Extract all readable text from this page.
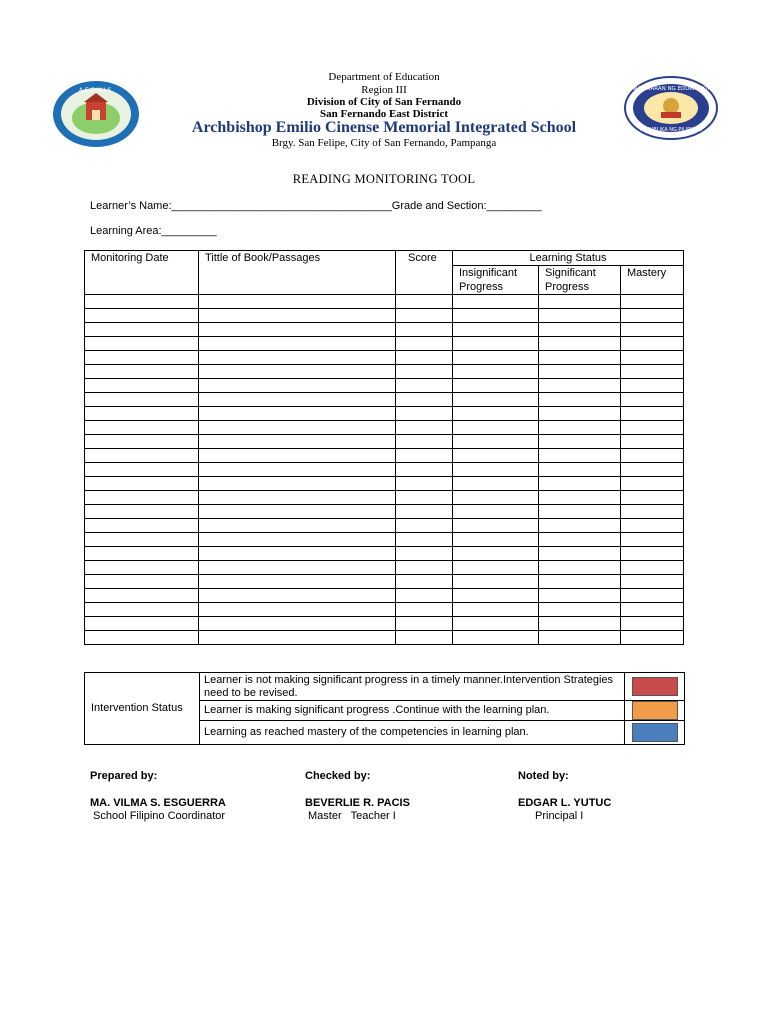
A.E.C.M.I.S.	KAGAWARAN NG EDUKASYON
REPUBLIKA NG PILIPINAS
Department of Education
Region III
Division of City of San Fernando
San Fernando East District
Archbishop Emilio Cinense Memorial Integrated School
Brgy. San Felipe, City of San Fernando, Pampanga
READING MONITORING TOOL
Learner’s Name:____________________________________Grade and Section:_________
Learning Area:_________
Monitoring Date	Tittle of Book/Passages	Score	Learning Status		
			Insignificant Progress	Significant Progress	Mastery

Intervention Status	Learner is not making significant progress in a timely manner.Intervention Strategies need to be revised.	
	Learner is making significant progress .Continue with the learning plan.	
	Learning as reached mastery of the competencies in learning plan.	
Prepared by:	Checked by:	Noted by:
MA. VILMA S. ESGUERRA	BEVERLIE R. PACIS	EDGAR L. YUTUC
School Filipino Coordinator	Master   Teacher I	Principal I
